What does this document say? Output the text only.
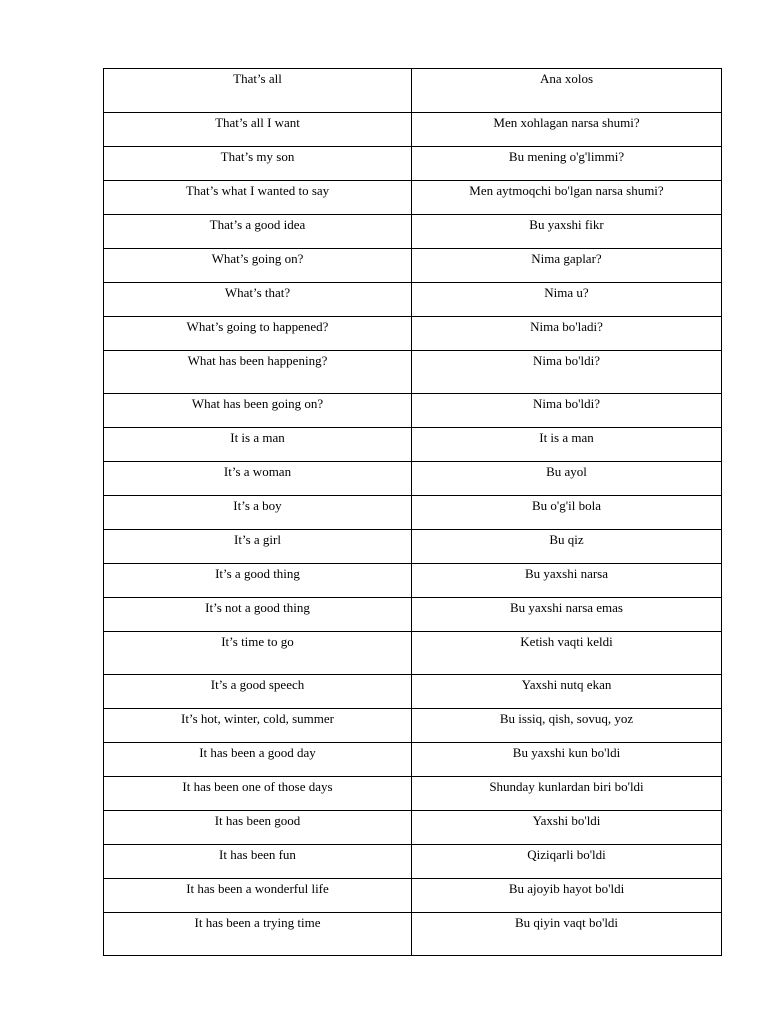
That’s all	Ana xolos
That’s all I want	Men xohlagan narsa shumi?
That’s my son	Bu mening o'g'limmi?
That’s what I wanted to say	Men aytmoqchi bo'lgan narsa shumi?
That’s a good idea	Bu yaxshi fikr
What’s going on?	Nima gaplar?
What’s that?	Nima u?
What’s going to happened?	Nima bo'ladi?
What has been happening?	Nima bo'ldi?
What has been going on?	Nima bo'ldi?
It is a man	It is a man
It’s a woman	Bu ayol
It’s a boy	Bu o'g'il bola
It’s a girl	Bu qiz
It’s a good thing	Bu yaxshi narsa
It’s not a good thing	Bu yaxshi narsa emas
It’s time to go	Ketish vaqti keldi
It’s a good speech	Yaxshi nutq ekan
It’s hot, winter, cold, summer	Bu issiq, qish, sovuq, yoz
It has been a good day	Bu yaxshi kun bo'ldi
It has been one of those days	Shunday kunlardan biri bo'ldi
It has been good	Yaxshi bo'ldi
It has been fun	Qiziqarli bo'ldi
It has been a wonderful life	Bu ajoyib hayot bo'ldi
It has been a trying time	Bu qiyin vaqt bo'ldi
